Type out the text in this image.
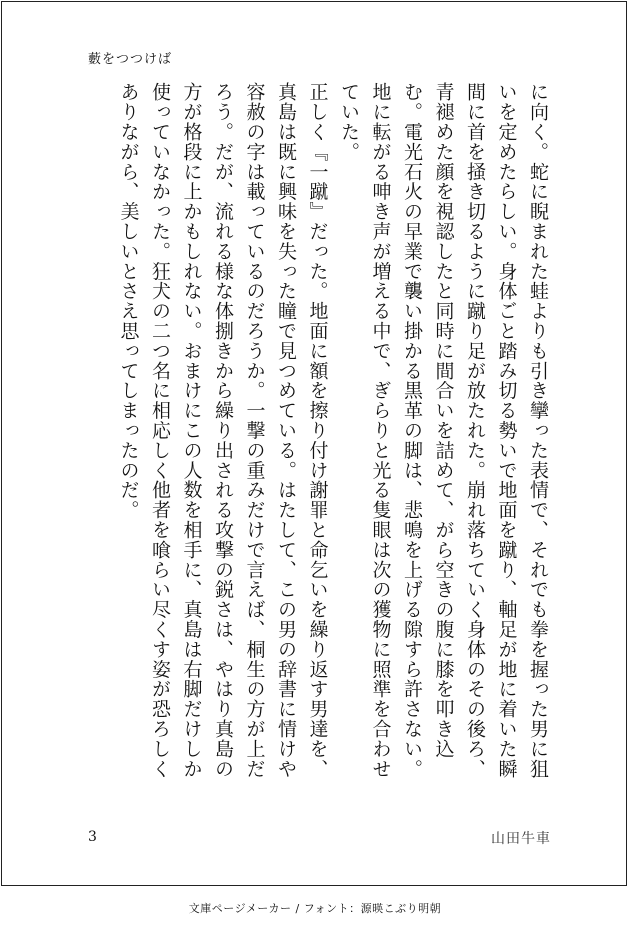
藪をつつけば

に向く。蛇に睨まれた蛙よりも引き攣った表情で、それでも拳を握った男に狙いを定めたらしい。身体ごと踏み切る勢いで地面を蹴り、軸足が地に着いた瞬間に首を掻き切るように蹴り足が放たれた。崩れ落ちていく身体のその後ろ、青褪めた顔を視認したと同時に間合いを詰めて、がら空きの腹に膝を叩き込む。電光石火の早業で襲い掛かる黒革の脚は、悲鳴を上げる隙すら許さない。地に転がる呻き声が増える中で、ぎらりと光る隻眼は次の獲物に照準を合わせていた。

正しく『一蹴』だった。地面に額を擦り付け謝罪と命乞いを繰り返す男達を、真島は既に興味を失った瞳で見つめている。はたして、この男の辞書に情けや容赦の字は載っているのだろうか。一撃の重みだけで言えば、桐生の方が上だろう。だが、流れる様な体捌きから繰り出される攻撃の鋭さは、やはり真島の方が格段に上かもしれない。おまけにこの人数を相手に、真島は右脚だけしか使っていなかった。狂犬の二つ名に相応しく他者を喰らい尽くす姿が恐ろしくありながら、美しいとさえ思ってしまったのだ。

3	山田牛車
文庫ページメーカー / フォント：源暎こぶり明朝
